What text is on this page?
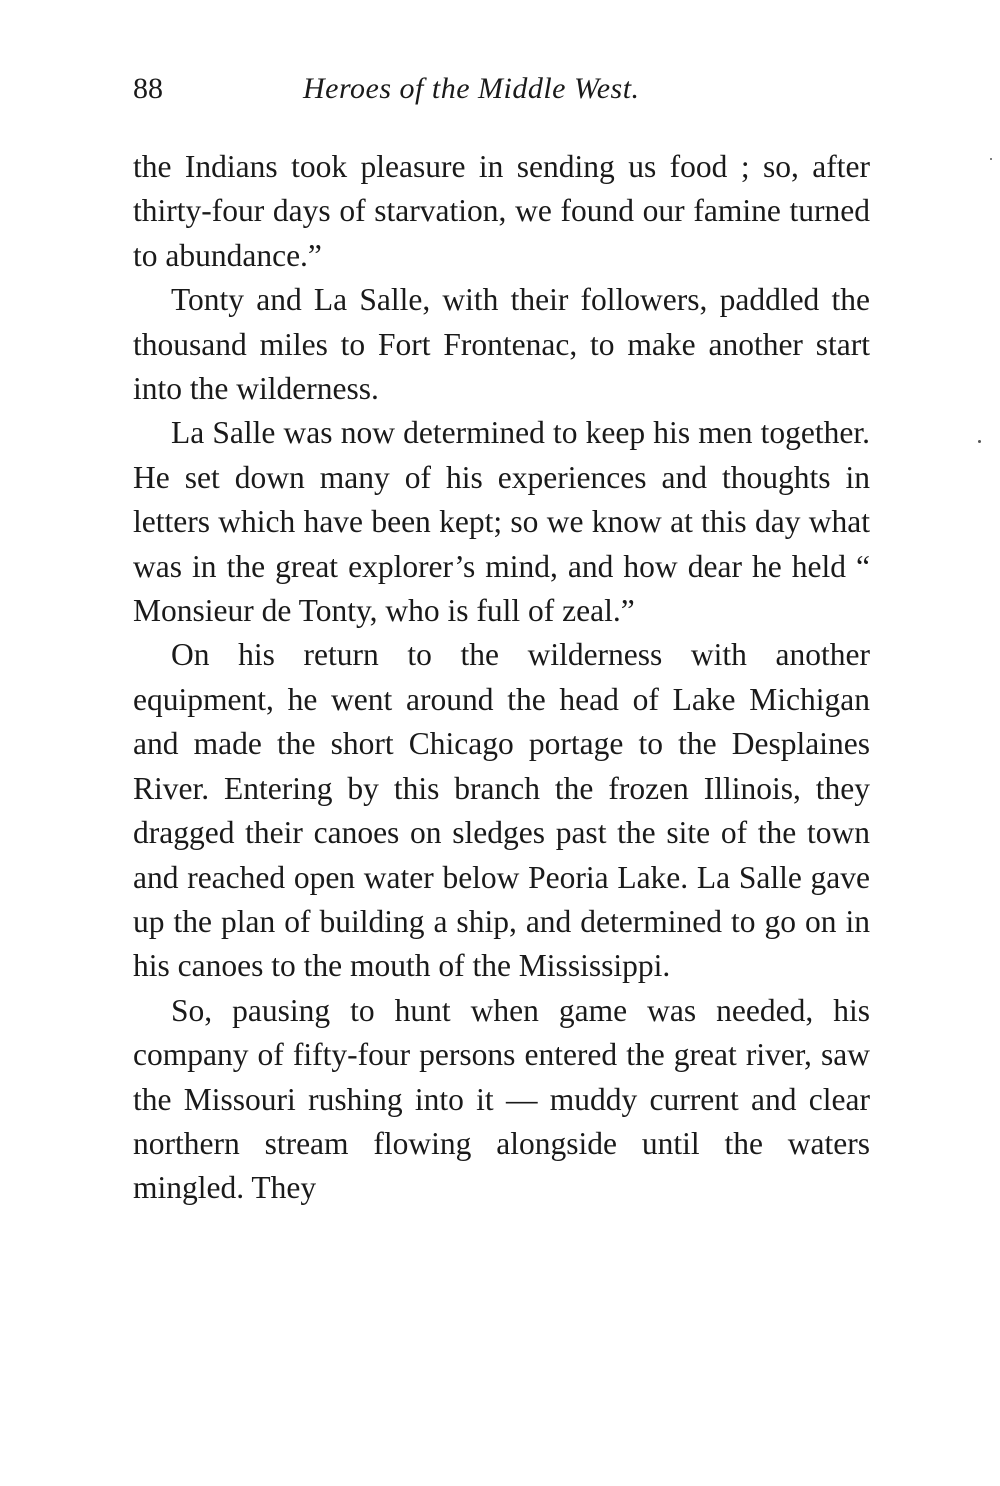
88	Heroes of the Middle West.

the Indians took pleasure in sending us food ; so, after thirty-four days of starvation, we found our famine turned to abundance.”

Tonty and La Salle, with their followers, paddled the thousand miles to Fort Frontenac, to make another start into the wilderness.

La Salle was now determined to keep his men together. He set down many of his experiences and thoughts in letters which have been kept; so we know at this day what was in the great explorer’s mind, and how dear he held “ Monsieur de Tonty, who is full of zeal.”

On his return to the wilderness with another equipment, he went around the head of Lake Michigan and made the short Chicago portage to the Desplaines River. Entering by this branch the frozen Illinois, they dragged their canoes on sledges past the site of the town and reached open water below Peoria Lake. La Salle gave up the plan of building a ship, and determined to go on in his canoes to the mouth of the Mississippi.

So, pausing to hunt when game was needed, his company of fifty-four persons entered the great river, saw the Missouri rushing into it — muddy current and clear northern stream flowing alongside until the waters mingled. They
